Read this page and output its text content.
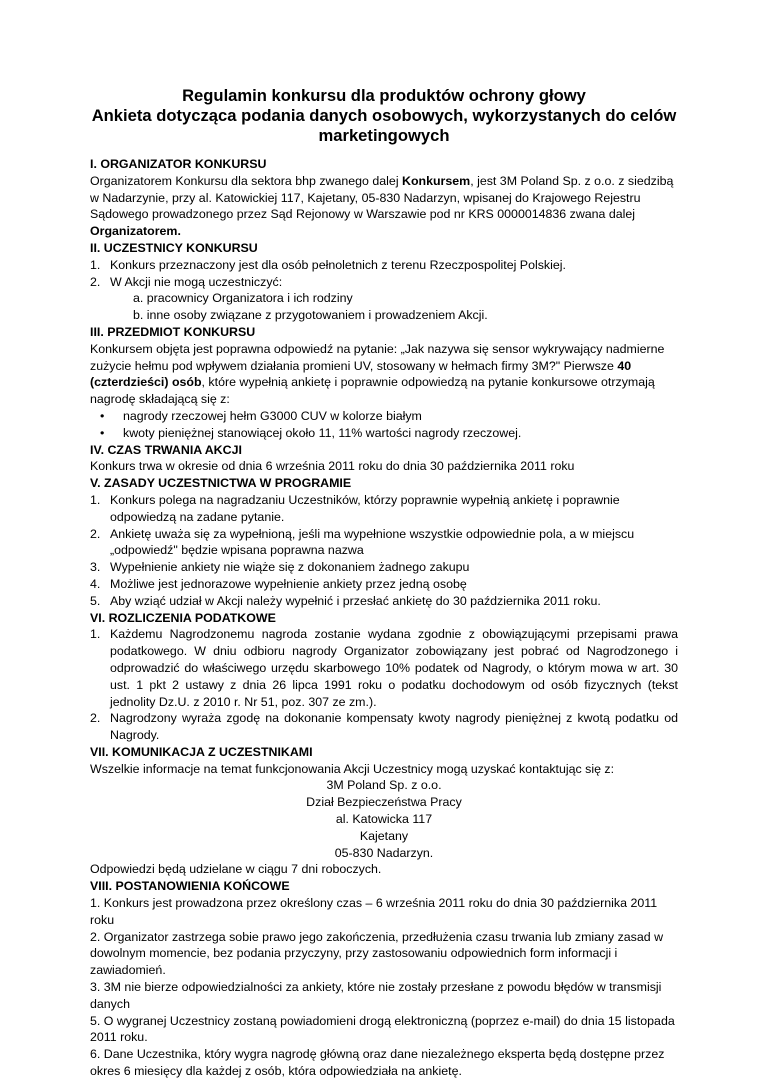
Regulamin konkursu dla produktów ochrony głowy
Ankieta dotycząca podania danych osobowych, wykorzystanych do celów
marketingowych
I. ORGANIZATOR KONKURSU

Organizatorem Konkursu dla sektora bhp zwanego dalej Konkursem, jest 3M Poland Sp. z o.o. z siedzibą w Nadarzynie, przy al. Katowickiej 117, Kajetany, 05-830 Nadarzyn, wpisanej do Krajowego Rejestru Sądowego prowadzonego przez Sąd Rejonowy w Warszawie pod nr KRS 0000014836 zwana dalej Organizatorem.

II. UCZESTNICY KONKURSU
1. Konkurs przeznaczony jest dla osób pełnoletnich z terenu Rzeczpospolitej Polskiej.
2. W Akcji nie mogą uczestniczyć:
a. pracownicy Organizatora i ich rodziny
b. inne osoby związane z przygotowaniem i prowadzeniem Akcji.
III. PRZEDMIOT KONKURSU

Konkursem objęta jest poprawna odpowiedź na pytanie: „Jak nazywa się sensor wykrywający nadmierne zużycie hełmu pod wpływem działania promieni UV, stosowany w hełmach firmy 3M?" Pierwsze 40 (czterdzieści) osób, które wypełnią ankietę i poprawnie odpowiedzą na pytanie konkursowe otrzymają nagrodę składającą się z:

• nagrody rzeczowej hełm G3000 CUV w kolorze białym
• kwoty pieniężnej stanowiącej około 11, 11% wartości nagrody rzeczowej.
IV. CZAS TRWANIA AKCJI

Konkurs trwa w okresie od dnia 6 września 2011 roku do dnia 30 października 2011 roku

V. ZASADY UCZESTNICTWA W PROGRAMIE
1. Konkurs polega na nagradzaniu Uczestników, którzy poprawnie wypełnią ankietę i poprawnie odpowiedzą na zadane pytanie.
2. Ankietę uważa się za wypełnioną, jeśli ma wypełnione wszystkie odpowiednie pola, a w miejscu „odpowiedź" będzie wpisana poprawna nazwa
3. Wypełnienie ankiety nie wiąże się z dokonaniem żadnego zakupu
4. Możliwe jest jednorazowe wypełnienie ankiety przez jedną osobę
5. Aby wziąć udział w Akcji należy wypełnić i przesłać ankietę do 30 października 2011 roku.
VI. ROZLICZENIA PODATKOWE
1. Każdemu Nagrodzonemu nagroda zostanie wydana zgodnie z obowiązującymi przepisami prawa podatkowego. W dniu odbioru nagrody Organizator zobowiązany jest pobrać od Nagrodzonego i odprowadzić do właściwego urzędu skarbowego 10% podatek od Nagrody, o którym mowa w art. 30 ust. 1 pkt 2 ustawy z dnia 26 lipca 1991 roku o podatku dochodowym od osób fizycznych (tekst jednolity Dz.U. z 2010 r. Nr 51, poz. 307 ze zm.).
2. Nagrodzony wyraża zgodę na dokonanie kompensaty kwoty nagrody pieniężnej z kwotą podatku od Nagrody.
VII. KOMUNIKACJA Z UCZESTNIKAMI

Wszelkie informacje na temat funkcjonowania Akcji Uczestnicy mogą uzyskać kontaktując się z:

3M Poland Sp. z o.o.
Dział Bezpieczeństwa Pracy
al. Katowicka 117
Kajetany
05-830 Nadarzyn.

Odpowiedzi będą udzielane w ciągu 7 dni roboczych.

VIII. POSTANOWIENIA KOŃCOWE

1. Konkurs jest prowadzona przez określony czas – 6 września 2011 roku do dnia 30 października 2011 roku

2. Organizator zastrzega sobie prawo jego zakończenia, przedłużenia czasu trwania lub zmiany zasad w dowolnym momencie, bez podania przyczyny, przy zastosowaniu odpowiednich form informacji i zawiadomień.

3. 3M nie bierze odpowiedzialności za ankiety, które nie zostały przesłane z powodu błędów w transmisji danych

5. O wygranej Uczestnicy zostaną powiadomieni drogą elektroniczną (poprzez e-mail) do dnia 15 listopada 2011 roku.

6. Dane Uczestnika, który wygra nagrodę główną oraz dane niezależnego eksperta będą dostępne przez okres 6 miesięcy dla każdej z osób, która odpowiedziała na ankietę.
